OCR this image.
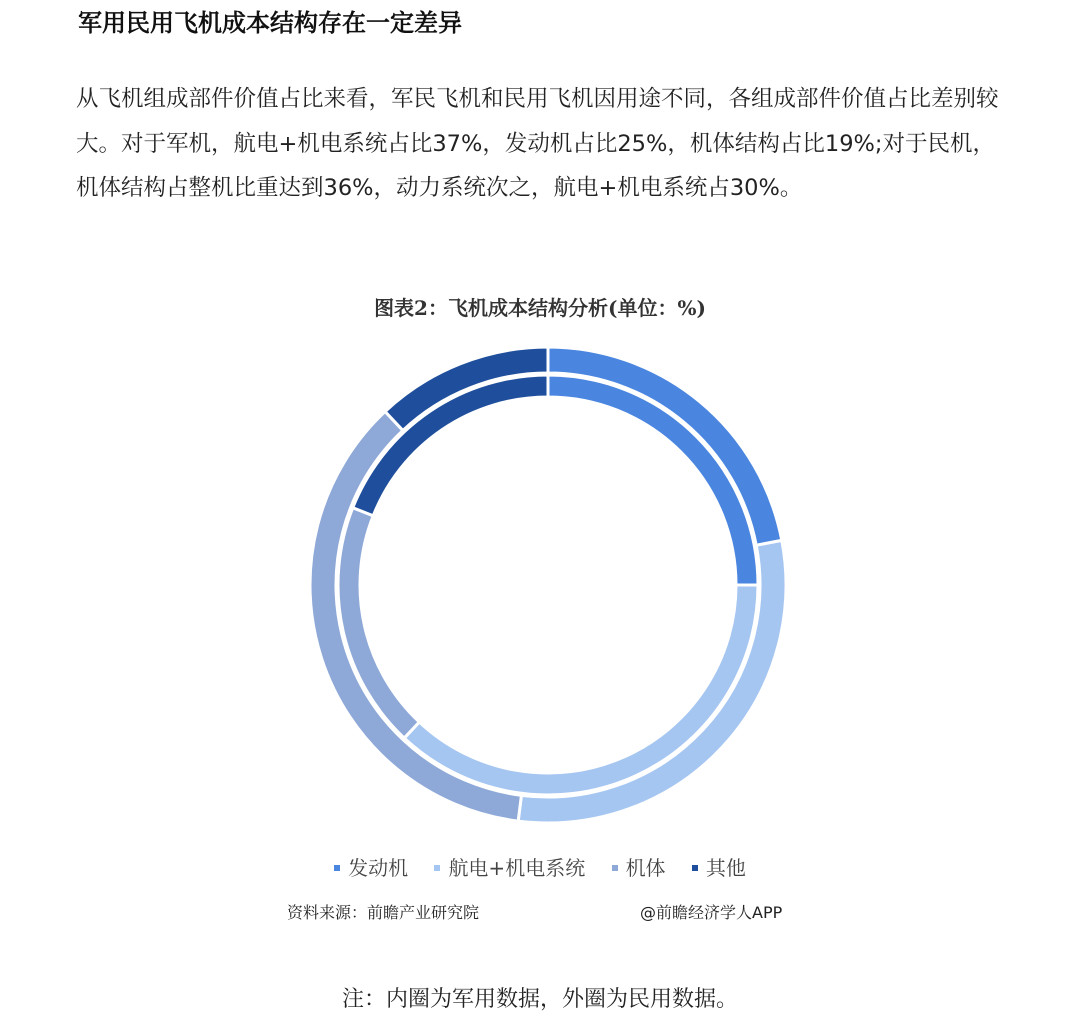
军用民用飞机成本结构存在一定差异

从飞机组成部件价值占比来看，军民飞机和民用飞机因用途不同，各组成部件价值占比差别较大。对于军机，航电+机电系统占比37%，发动机占比25%，机体结构占比19%;对于民机，机体结构占整机比重达到36%，动力系统次之，航电+机电系统占30%。

图表2：飞机成本结构分析(单位：%)
发动机 航电+机电系统 机体 其他
资料来源：前瞻产业研究院	@前瞻经济学人APP
注：内圈为军用数据，外圈为民用数据。
